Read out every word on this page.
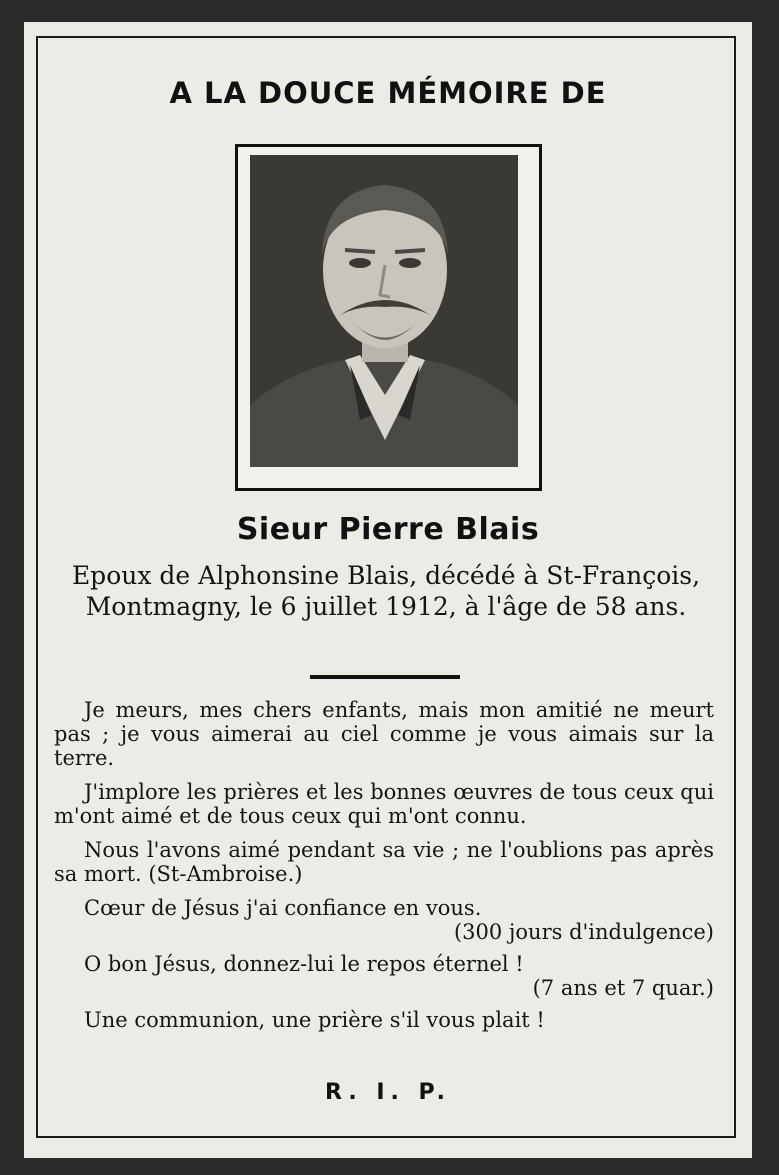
A LA DOUCE MÉMOIRE DE
Sieur Pierre Blais
Epoux de Alphonsine Blais, décédé à St-François, Montmagny, le 6 juillet 1912, à l'âge de 58 ans.

Je meurs, mes chers enfants, mais mon amitié ne meurt pas ; je vous aimerai au ciel comme je vous aimais sur la terre.

J'implore les prières et les bonnes œuvres de tous ceux qui m'ont aimé et de tous ceux qui m'ont connu.

Nous l'avons aimé pendant sa vie ; ne l'oublions pas après sa mort. (St-Ambroise.)

Cœur de Jésus j'ai confiance en vous.

(300 jours d'indulgence)

O bon Jésus, donnez-lui le repos éternel !

(7 ans et 7 quar.)

Une communion, une prière s'il vous plait !

R. I. P.
